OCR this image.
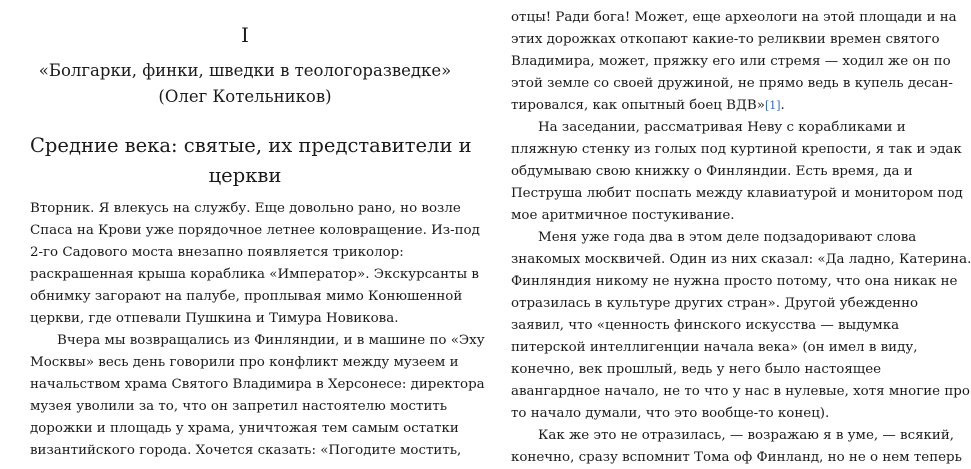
I
«Болгарки, финки, шведки в теологоразведке»
(Олег Котельников)
Средние века: святые, их представители и
церкви

Вторник. Я влекусь на службу. Еще довольно рано, но возле
Спаса на Крови уже порядочное летнее коловращение. Из-под
2-го Садового моста внезапно появляется триколор:
раскрашенная крыша кораблика «Император». Экскурсанты в
обнимку загорают на палубе, проплывая мимо Конюшенной
церкви, где отпевали Пушкина и Тимура Новикова.

Вчера мы возвращались из Финляндии, и в машине по «Эху
Москвы» весь день говорили про конфликт между музеем и
начальством храма Святого Владимира в Херсонесе: директора
музея уволили за то, что он запретил настоятелю мостить
дорожки и площадь у храма, уничтожая тем самым остатки
византийского города. Хочется сказать: «Погодите мостить,

отцы! Ради бога! Может, еще археологи на этой площади и на
этих дорожках откопают какие-то реликвии времен святого
Владимира, может, пряжку его или стремя — ходил же он по
этой земле со своей дружиной, не прямо ведь в купель десан-
тировался, как опытный боец ВДВ»[1].

На заседании, рассматривая Неву с корабликами и
пляжную стенку из голых под куртиной крепости, я так и эдак
обдумываю свою книжку о Финляндии. Есть время, да и
Пеструша любит поспать между клавиатурой и монитором под
мое аритмичное постукивание.

Меня уже года два в этом деле подзадоривают слова
знакомых москвичей. Один из них сказал: «Да ладно, Катерина.
Финляндия никому не нужна просто потому, что она никак не
отразилась в культуре других стран». Другой убежденно
заявил, что «ценность финского искусства — выдумка
питерской интеллигенции начала века» (он имел в виду,
конечно, век прошлый, ведь у него было настоящее
авангардное начало, не то что у нас в нулевые, хотя многие про
то начало думали, что это вообще-то конец).

Как же это не отразилась, — возражаю я в уме, — всякий,
конечно, сразу вспомнит Тома оф Финланд, но не о нем теперь
